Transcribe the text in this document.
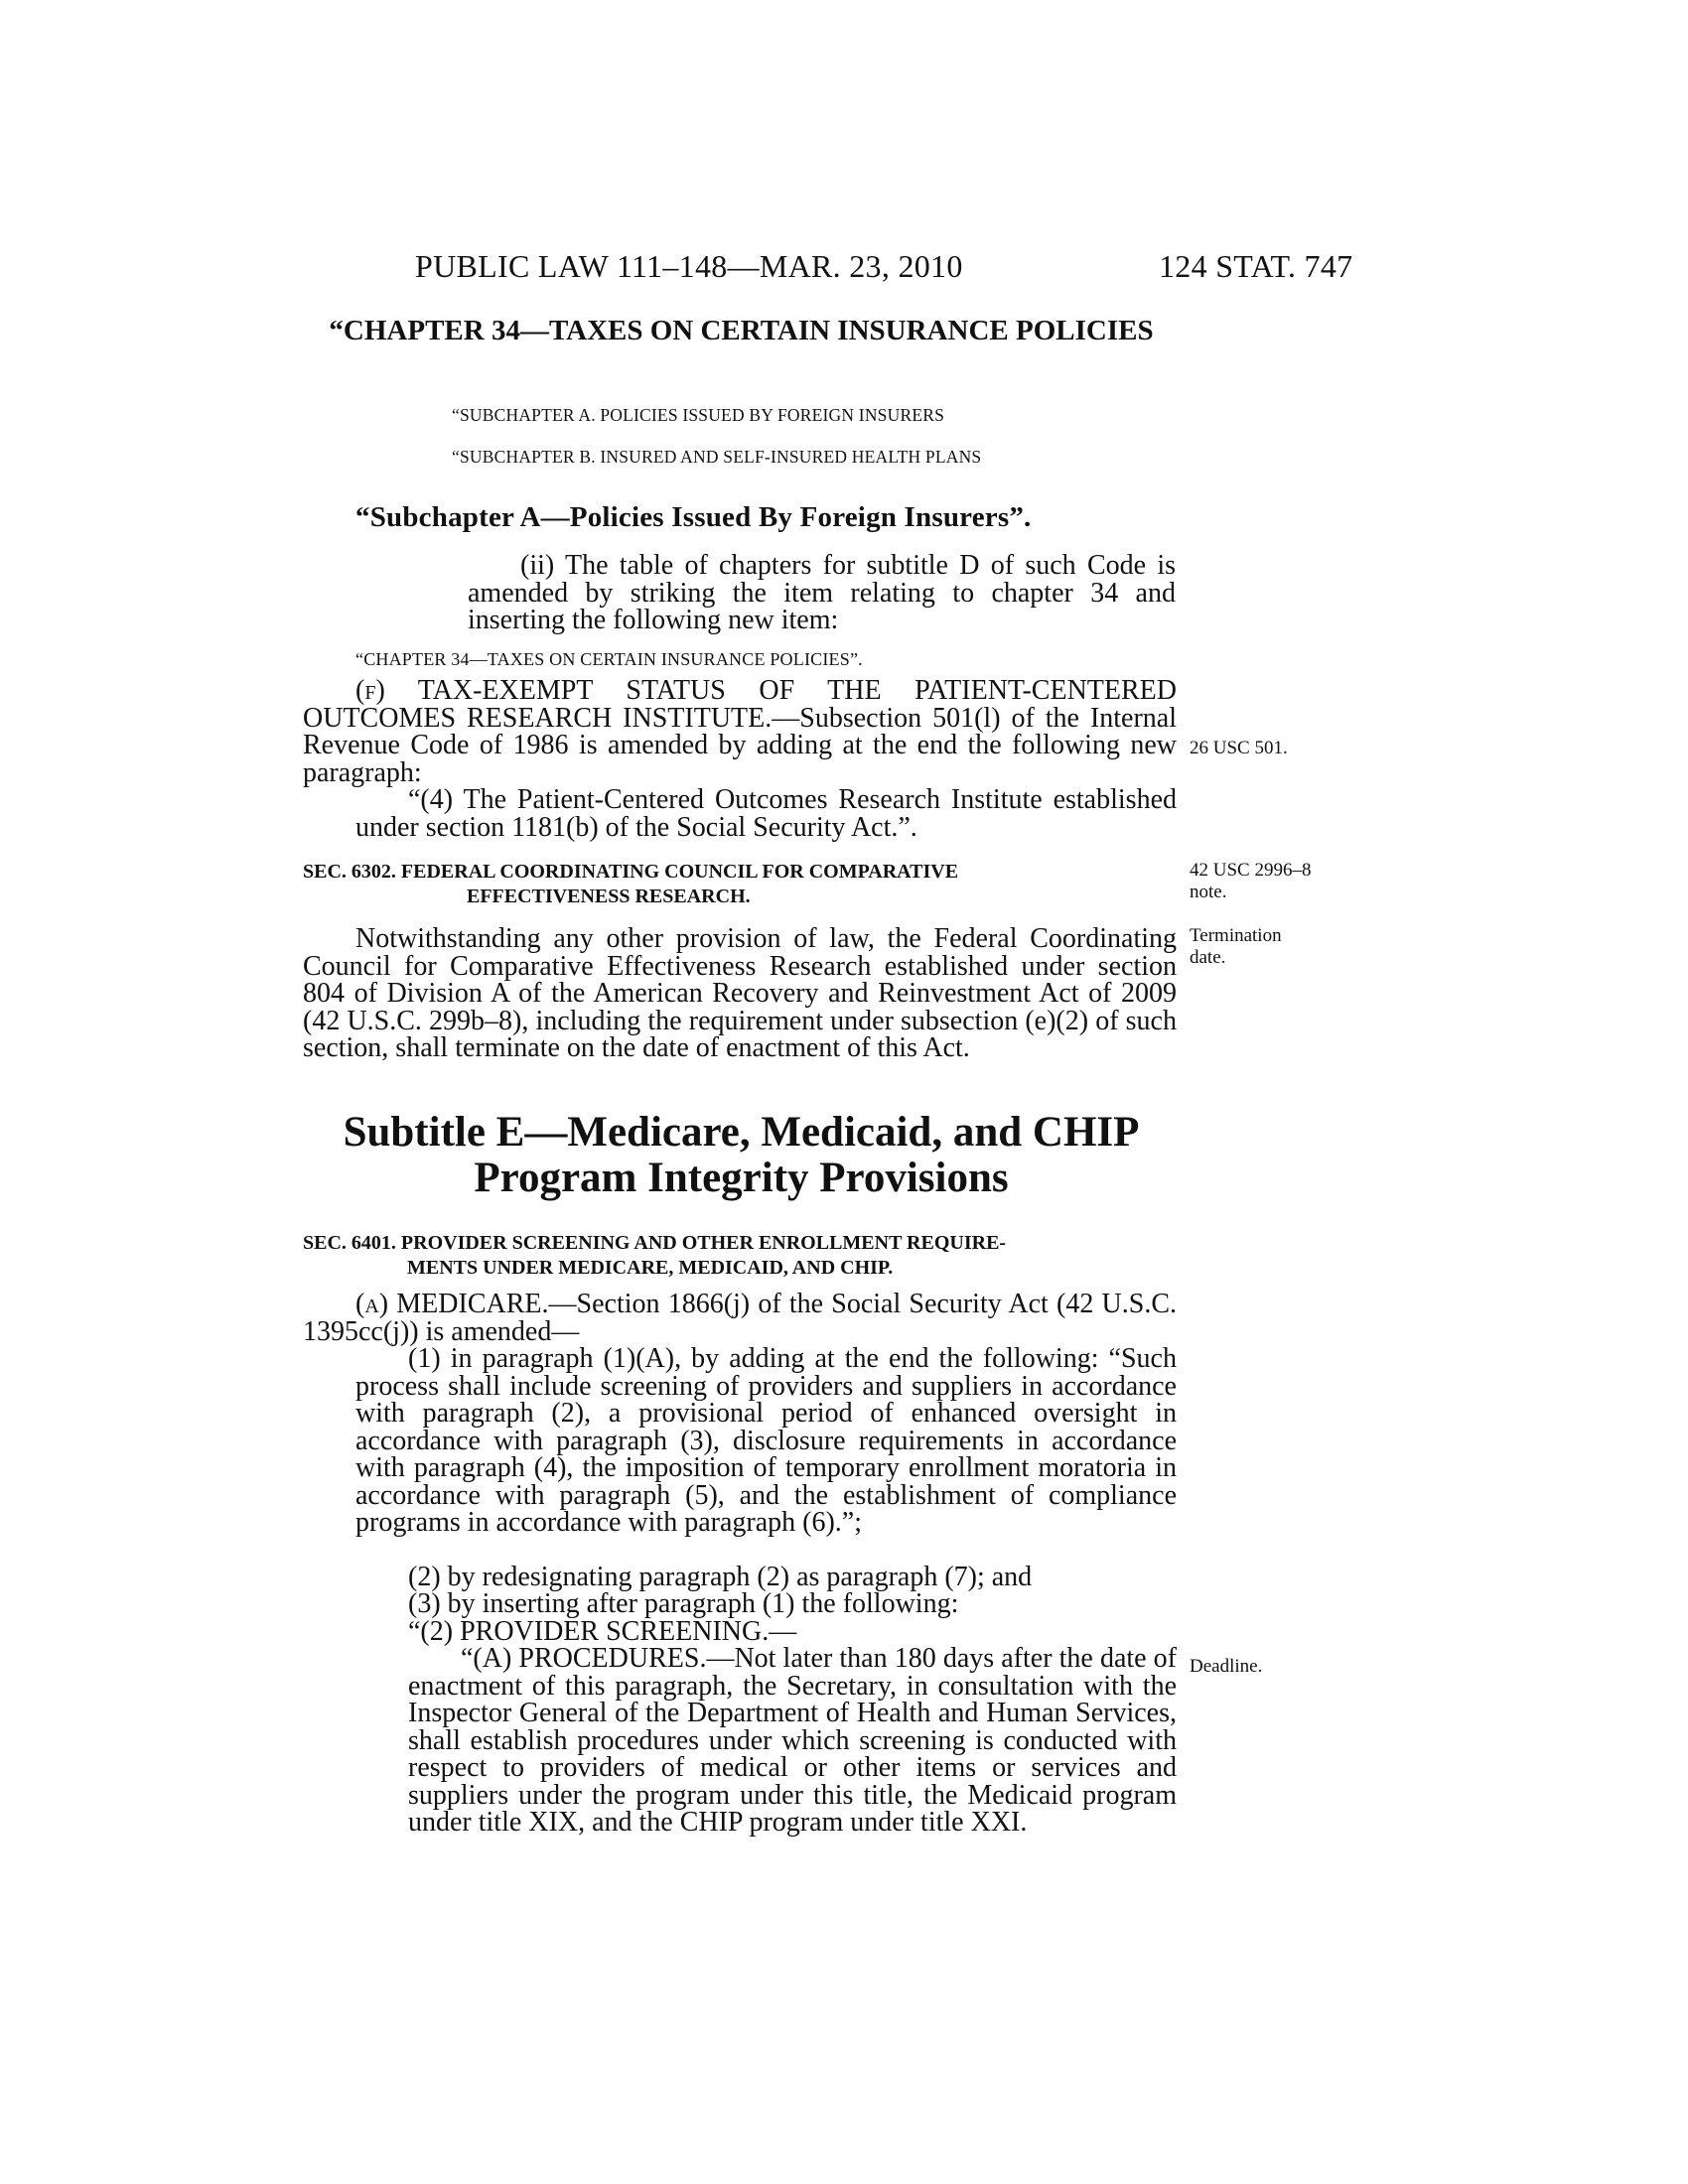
PUBLIC LAW 111–148—MAR. 23, 2010	124 STAT. 747
“CHAPTER 34—TAXES ON CERTAIN INSURANCE POLICIES
“SUBCHAPTER A. POLICIES ISSUED BY FOREIGN INSURERS
“SUBCHAPTER B. INSURED AND SELF-INSURED HEALTH PLANS
“Subchapter A—Policies Issued By Foreign Insurers”.
(ii) The table of chapters for subtitle D of such Code is amended by striking the item relating to chapter 34 and inserting the following new item:
“CHAPTER 34—TAXES ON CERTAIN INSURANCE POLICIES”.
(f) TAX-EXEMPT STATUS OF THE PATIENT-CENTERED OUTCOMES RESEARCH INSTITUTE.—Subsection 501(l) of the Internal Revenue Code of 1986 is amended by adding at the end the following new paragraph:
“(4) The Patient-Centered Outcomes Research Institute established under section 1181(b) of the Social Security Act.”.
SEC. 6302. FEDERAL COORDINATING COUNCIL FOR COMPARATIVE
EFFECTIVENESS RESEARCH.
Notwithstanding any other provision of law, the Federal Coordinating Council for Comparative Effectiveness Research established under section 804 of Division A of the American Recovery and Reinvestment Act of 2009 (42 U.S.C. 299b–8), including the requirement under subsection (e)(2) of such section, shall terminate on the date of enactment of this Act.
Subtitle E—Medicare, Medicaid, and CHIP
Program Integrity Provisions
SEC. 6401. PROVIDER SCREENING AND OTHER ENROLLMENT REQUIRE-
MENTS UNDER MEDICARE, MEDICAID, AND CHIP.
(a) MEDICARE.—Section 1866(j) of the Social Security Act (42 U.S.C. 1395cc(j)) is amended—
(1) in paragraph (1)(A), by adding at the end the following: “Such process shall include screening of providers and suppliers in accordance with paragraph (2), a provisional period of enhanced oversight in accordance with paragraph (3), disclosure requirements in accordance with paragraph (4), the imposition of temporary enrollment moratoria in accordance with paragraph (5), and the establishment of compliance programs in accordance with paragraph (6).”;
(2) by redesignating paragraph (2) as paragraph (7); and
(3) by inserting after paragraph (1) the following:
“(2) PROVIDER SCREENING.—
“(A) PROCEDURES.—Not later than 180 days after the date of enactment of this paragraph, the Secretary, in consultation with the Inspector General of the Department of Health and Human Services, shall establish procedures under which screening is conducted with respect to providers of medical or other items or services and suppliers under the program under this title, the Medicaid program under title XIX, and the CHIP program under title XXI.
26 USC 501.
42 USC 2996–8
note.
Termination
date.
Deadline.
